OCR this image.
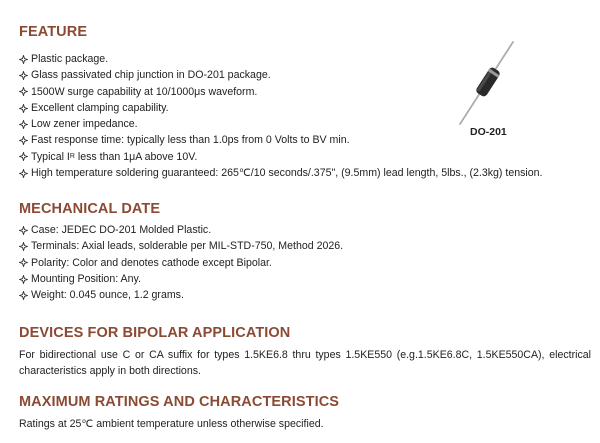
FEATURE
Plastic package.
Glass passivated chip junction in DO-201 package.
1500W surge capability at 10/1000μs waveform.
Excellent clamping capability.
Low zener impedance.
Fast response time: typically less than 1.0ps from 0 Volts to BV min.
Typical I R less than 1μA above 10V.
High temperature soldering guaranteed: 265℃/10 seconds/.375", (9.5mm) lead length, 5lbs., (2.3kg) tension.
DO-201
MECHANICAL DATE
Case: JEDEC DO-201 Molded Plastic.
Terminals: Axial leads, solderable per MIL-STD-750, Method 2026.
Polarity: Color and denotes cathode except Bipolar.
Mounting Position: Any.
Weight: 0.045 ounce, 1.2 grams.
DEVICES FOR BIPOLAR APPLICATION

For bidirectional use C or CA suffix for types 1.5KE6.8 thru types 1.5KE550 (e.g.1.5KE6.8C, 1.5KE550CA), electrical characteristics apply in both directions.

MAXIMUM RATINGS AND CHARACTERISTICS

Ratings at 25℃ ambient temperature unless otherwise specified.
